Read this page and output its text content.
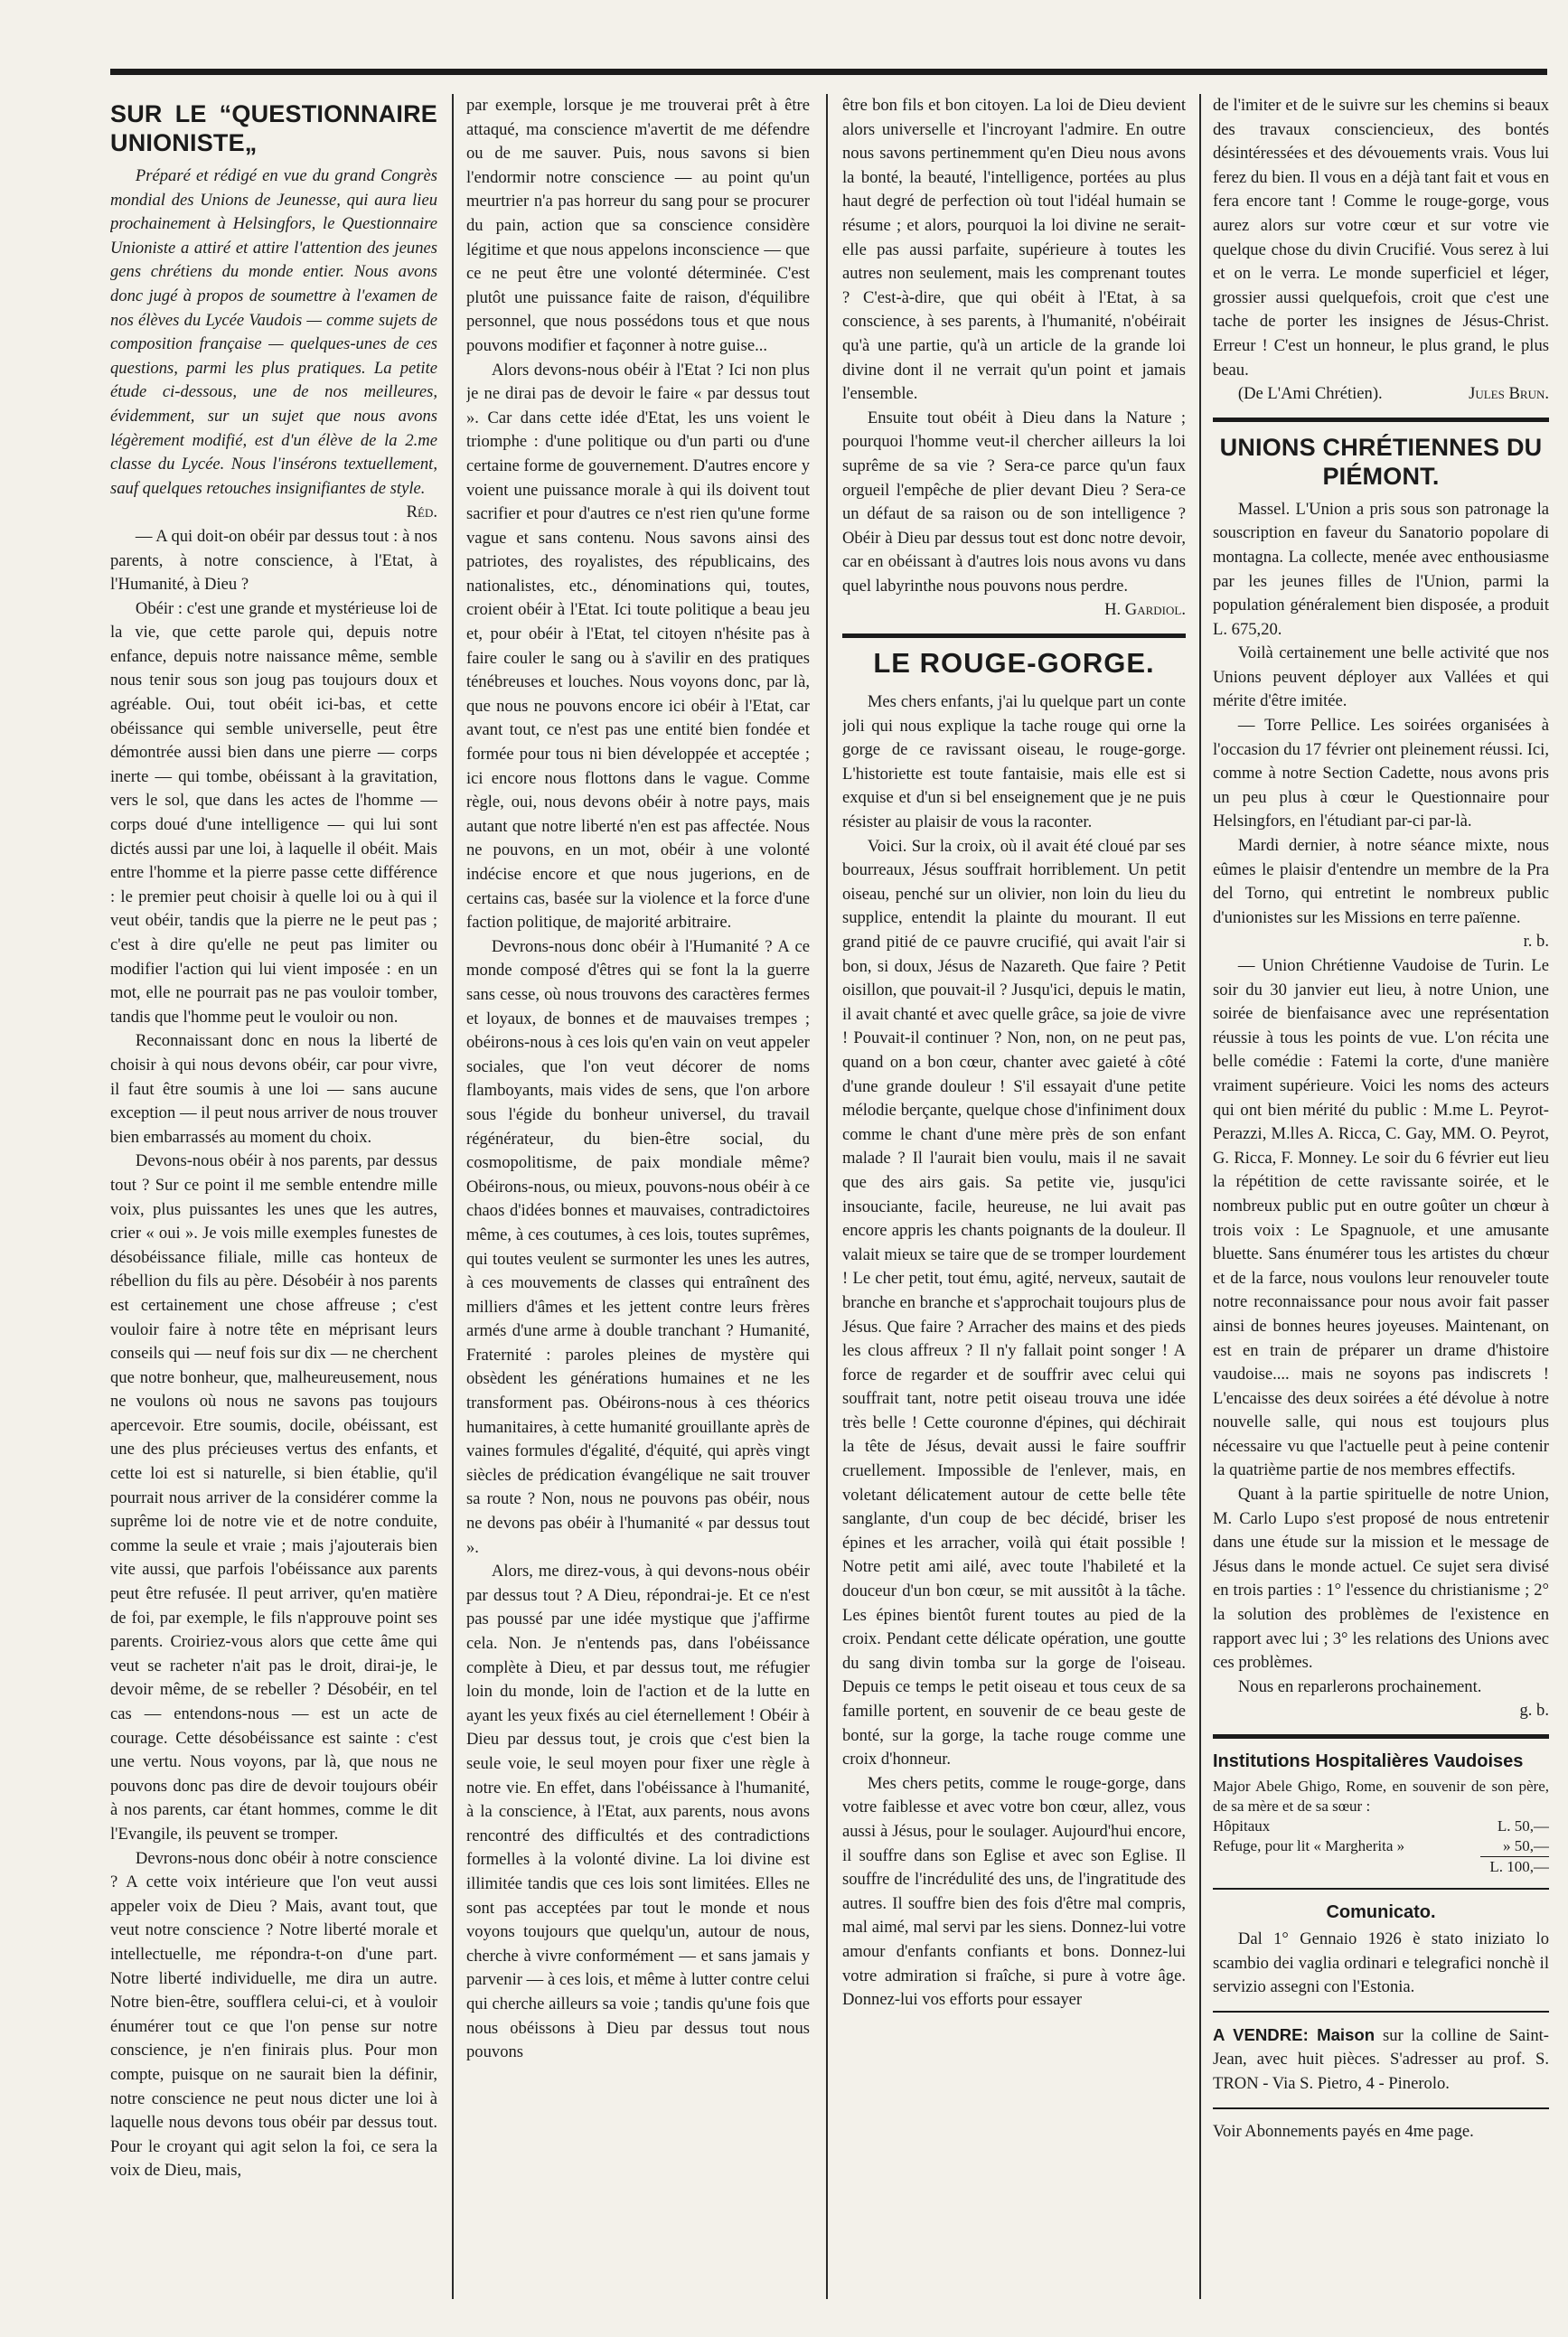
SUR LE “QUESTIONNAIRE UNIONISTE„

Préparé et rédigé en vue du grand Congrès mondial des Unions de Jeunesse, qui aura lieu prochainement à Helsingfors, le Questionnaire Unioniste a attiré et attire l'attention des jeunes gens chrétiens du monde entier. Nous avons donc jugé à propos de soumettre à l'examen de nos élèves du Lycée Vaudois — comme sujets de composition française — quelques-unes de ces questions, parmi les plus pratiques. La petite étude ci-dessous, une de nos meilleures, évidemment, sur un sujet que nous avons légèrement modifié, est d'un élève de la 2.me classe du Lycée. Nous l'insérons textuellement, sauf quelques retouches insignifiantes de style.

Réd.

— A qui doit-on obéir par dessus tout : à nos parents, à notre conscience, à l'Etat, à l'Humanité, à Dieu ?

Obéir : c'est une grande et mystérieuse loi de la vie, que cette parole qui, depuis notre enfance, depuis notre naissance même, semble nous tenir sous son joug pas toujours doux et agréable. Oui, tout obéit ici-bas, et cette obéissance qui semble universelle, peut être démontrée aussi bien dans une pierre — corps inerte — qui tombe, obéissant à la gravitation, vers le sol, que dans les actes de l'homme — corps doué d'une intelligence — qui lui sont dictés aussi par une loi, à laquelle il obéit. Mais entre l'homme et la pierre passe cette différence : le premier peut choisir à quelle loi ou à qui il veut obéir, tandis que la pierre ne le peut pas ; c'est à dire qu'elle ne peut pas limiter ou modifier l'action qui lui vient imposée : en un mot, elle ne pourrait pas ne pas vouloir tomber, tandis que l'homme peut le vouloir ou non.

Reconnaissant donc en nous la liberté de choisir à qui nous devons obéir, car pour vivre, il faut être soumis à une loi — sans aucune exception — il peut nous arriver de nous trouver bien embarrassés au moment du choix.

Devons-nous obéir à nos parents, par dessus tout ? Sur ce point il me semble entendre mille voix, plus puissantes les unes que les autres, crier « oui ». Je vois mille exemples funestes de désobéissance filiale, mille cas honteux de rébellion du fils au père. Désobéir à nos parents est certainement une chose affreuse ; c'est vouloir faire à notre tête en méprisant leurs conseils qui — neuf fois sur dix — ne cherchent que notre bonheur, que, malheureusement, nous ne voulons où nous ne savons pas toujours apercevoir. Etre soumis, docile, obéissant, est une des plus précieuses vertus des enfants, et cette loi est si naturelle, si bien établie, qu'il pourrait nous arriver de la considérer comme la suprême loi de notre vie et de notre conduite, comme la seule et vraie ; mais j'ajouterais bien vite aussi, que parfois l'obéissance aux parents peut être refusée. Il peut arriver, qu'en matière de foi, par exemple, le fils n'approuve point ses parents. Croiriez-vous alors que cette âme qui veut se racheter n'ait pas le droit, dirai-je, le devoir même, de se rebeller ? Désobéir, en tel cas — entendons-nous — est un acte de courage. Cette désobéissance est sainte : c'est une vertu. Nous voyons, par là, que nous ne pouvons donc pas dire de devoir toujours obéir à nos parents, car étant hommes, comme le dit l'Evangile, ils peuvent se tromper.

Devrons-nous donc obéir à notre conscience ? A cette voix intérieure que l'on veut aussi appeler voix de Dieu ? Mais, avant tout, que veut notre conscience ? Notre liberté morale et intellectuelle, me répondra-t-on d'une part. Notre liberté individuelle, me dira un autre. Notre bien-être, soufflera celui-ci, et à vouloir énumérer tout ce que l'on pense sur notre conscience, je n'en finirais plus. Pour mon compte, puisque on ne saurait bien la définir, notre conscience ne peut nous dicter une loi à laquelle nous devons tous obéir par dessus tout. Pour le croyant qui agit selon la foi, ce sera la voix de Dieu, mais,

par exemple, lorsque je me trouverai prêt à être attaqué, ma conscience m'avertit de me défendre ou de me sauver. Puis, nous savons si bien l'endormir notre conscience — au point qu'un meurtrier n'a pas horreur du sang pour se procurer du pain, action que sa conscience considère légitime et que nous appelons inconscience — que ce ne peut être une volonté déterminée. C'est plutôt une puissance faite de raison, d'équilibre personnel, que nous possédons tous et que nous pouvons modifier et façonner à notre guise...

Alors devons-nous obéir à l'Etat ? Ici non plus je ne dirai pas de devoir le faire « par dessus tout ». Car dans cette idée d'Etat, les uns voient le triomphe : d'une politique ou d'un parti ou d'une certaine forme de gouvernement. D'autres encore y voient une puissance morale à qui ils doivent tout sacrifier et pour d'autres ce n'est rien qu'une forme vague et sans contenu. Nous savons ainsi des patriotes, des royalistes, des républicains, des nationalistes, etc., dénominations qui, toutes, croient obéir à l'Etat. Ici toute politique a beau jeu et, pour obéir à l'Etat, tel citoyen n'hésite pas à faire couler le sang ou à s'avilir en des pratiques ténébreuses et louches. Nous voyons donc, par là, que nous ne pouvons encore ici obéir à l'Etat, car avant tout, ce n'est pas une entité bien fondée et formée pour tous ni bien développée et acceptée ; ici encore nous flottons dans le vague. Comme règle, oui, nous devons obéir à notre pays, mais autant que notre liberté n'en est pas affectée. Nous ne pouvons, en un mot, obéir à une volonté indécise encore et que nous jugerions, en de certains cas, basée sur la violence et la force d'une faction politique, de majorité arbitraire.

Devrons-nous donc obéir à l'Humanité ? A ce monde composé d'êtres qui se font la la guerre sans cesse, où nous trouvons des caractères fermes et loyaux, de bonnes et de mauvaises trempes ; obéirons-nous à ces lois qu'en vain on veut appeler sociales, que l'on veut décorer de noms flamboyants, mais vides de sens, que l'on arbore sous l'égide du bonheur universel, du travail régénérateur, du bien-être social, du cosmopolitisme, de paix mondiale même? Obéirons-nous, ou mieux, pouvons-nous obéir à ce chaos d'idées bonnes et mauvaises, contradictoires même, à ces coutumes, à ces lois, toutes suprêmes, qui toutes veulent se surmonter les unes les autres, à ces mouvements de classes qui entraînent des milliers d'âmes et les jettent contre leurs frères armés d'une arme à double tranchant ? Humanité, Fraternité : paroles pleines de mystère qui obsèdent les générations humaines et ne les transforment pas. Obéirons-nous à ces théorics humanitaires, à cette humanité grouillante après de vaines formules d'égalité, d'équité, qui après vingt siècles de prédication évangélique ne sait trouver sa route ? Non, nous ne pouvons pas obéir, nous ne devons pas obéir à l'humanité « par dessus tout ».

Alors, me direz-vous, à qui devons-nous obéir par dessus tout ? A Dieu, répondrai-je. Et ce n'est pas poussé par une idée mystique que j'affirme cela. Non. Je n'entends pas, dans l'obéissance complète à Dieu, et par dessus tout, me réfugier loin du monde, loin de l'action et de la lutte en ayant les yeux fixés au ciel éternellement ! Obéir à Dieu par dessus tout, je crois que c'est bien la seule voie, le seul moyen pour fixer une règle à notre vie. En effet, dans l'obéissance à l'humanité, à la conscience, à l'Etat, aux parents, nous avons rencontré des difficultés et des contradictions formelles à la volonté divine. La loi divine est illimitée tandis que ces lois sont limitées. Elles ne sont pas acceptées par tout le monde et nous voyons toujours que quelqu'un, autour de nous, cherche à vivre conformément — et sans jamais y parvenir — à ces lois, et même à lutter contre celui qui cherche ailleurs sa voie ; tandis qu'une fois que nous obéissons à Dieu par dessus tout nous pouvons

être bon fils et bon citoyen. La loi de Dieu devient alors universelle et l'incroyant l'admire. En outre nous savons pertinemment qu'en Dieu nous avons la bonté, la beauté, l'intelligence, portées au plus haut degré de perfection où tout l'idéal humain se résume ; et alors, pourquoi la loi divine ne serait-elle pas aussi parfaite, supérieure à toutes les autres non seulement, mais les comprenant toutes ? C'est-à-dire, que qui obéit à l'Etat, à sa conscience, à ses parents, à l'humanité, n'obéirait qu'à une partie, qu'à un article de la grande loi divine dont il ne verrait qu'un point et jamais l'ensemble.

Ensuite tout obéit à Dieu dans la Nature ; pourquoi l'homme veut-il chercher ailleurs la loi suprême de sa vie ? Sera-ce parce qu'un faux orgueil l'empêche de plier devant Dieu ? Sera-ce un défaut de sa raison ou de son intelligence ? Obéir à Dieu par dessus tout est donc notre devoir, car en obéissant à d'autres lois nous avons vu dans quel labyrinthe nous pouvons nous perdre.

H. Gardiol.

LE ROUGE-GORGE.

Mes chers enfants, j'ai lu quelque part un conte joli qui nous explique la tache rouge qui orne la gorge de ce ravissant oiseau, le rouge-gorge. L'historiette est toute fantaisie, mais elle est si exquise et d'un si bel enseignement que je ne puis résister au plaisir de vous la raconter.

Voici. Sur la croix, où il avait été cloué par ses bourreaux, Jésus souffrait horriblement. Un petit oiseau, penché sur un olivier, non loin du lieu du supplice, entendit la plainte du mourant. Il eut grand pitié de ce pauvre crucifié, qui avait l'air si bon, si doux, Jésus de Nazareth. Que faire ? Petit oisillon, que pouvait-il ? Jusqu'ici, depuis le matin, il avait chanté et avec quelle grâce, sa joie de vivre ! Pouvait-il continuer ? Non, non, on ne peut pas, quand on a bon cœur, chanter avec gaieté à côté d'une grande douleur ! S'il essayait d'une petite mélodie berçante, quelque chose d'infiniment doux comme le chant d'une mère près de son enfant malade ? Il l'aurait bien voulu, mais il ne savait que des airs gais. Sa petite vie, jusqu'ici insouciante, facile, heureuse, ne lui avait pas encore appris les chants poignants de la douleur. Il valait mieux se taire que de se tromper lourdement ! Le cher petit, tout ému, agité, nerveux, sautait de branche en branche et s'approchait toujours plus de Jésus. Que faire ? Arracher des mains et des pieds les clous affreux ? Il n'y fallait point songer ! A force de regarder et de souffrir avec celui qui souffrait tant, notre petit oiseau trouva une idée très belle ! Cette couronne d'épines, qui déchirait la tête de Jésus, devait aussi le faire souffrir cruellement. Impossible de l'enlever, mais, en voletant délicatement autour de cette belle tête sanglante, d'un coup de bec décidé, briser les épines et les arracher, voilà qui était possible ! Notre petit ami ailé, avec toute l'habileté et la douceur d'un bon cœur, se mit aussitôt à la tâche. Les épines bientôt furent toutes au pied de la croix. Pendant cette délicate opération, une goutte du sang divin tomba sur la gorge de l'oiseau. Depuis ce temps le petit oiseau et tous ceux de sa famille portent, en souvenir de ce beau geste de bonté, sur la gorge, la tache rouge comme une croix d'honneur.

Mes chers petits, comme le rouge-gorge, dans votre faiblesse et avec votre bon cœur, allez, vous aussi à Jésus, pour le soulager. Aujourd'hui encore, il souffre dans son Eglise et avec son Eglise. Il souffre de l'incrédulité des uns, de l'ingratitude des autres. Il souffre bien des fois d'être mal compris, mal aimé, mal servi par les siens. Donnez-lui votre amour d'enfants confiants et bons. Donnez-lui votre admiration si fraîche, si pure à votre âge. Donnez-lui vos efforts pour essayer

de l'imiter et de le suivre sur les chemins si beaux des travaux consciencieux, des bontés désintéressées et des dévouements vrais. Vous lui ferez du bien. Il vous en a déjà tant fait et vous en fera encore tant ! Comme le rouge-gorge, vous aurez alors sur votre cœur et sur votre vie quelque chose du divin Crucifié. Vous serez à lui et on le verra. Le monde superficiel et léger, grossier aussi quelquefois, croit que c'est une tache de porter les insignes de Jésus-Christ. Erreur ! C'est un honneur, le plus grand, le plus beau.

(De L'Ami Chrétien).	Jules Brun.
UNIONS CHRÉTIENNES DU PIÉMONT.

Massel. L'Union a pris sous son patronage la souscription en faveur du Sanatorio popolare di montagna. La collecte, menée avec enthousiasme par les jeunes filles de l'Union, parmi la population généralement bien disposée, a produit L. 675,20.

Voilà certainement une belle activité que nos Unions peuvent déployer aux Vallées et qui mérite d'être imitée.

— Torre Pellice. Les soirées organisées à l'occasion du 17 février ont pleinement réussi. Ici, comme à notre Section Cadette, nous avons pris un peu plus à cœur le Questionnaire pour Helsingfors, en l'étudiant par-ci par-là.

Mardi dernier, à notre séance mixte, nous eûmes le plaisir d'entendre un membre de la Pra del Torno, qui entretint le nombreux public d'unionistes sur les Missions en terre païenne.

r. b.

— Union Chrétienne Vaudoise de Turin. Le soir du 30 janvier eut lieu, à notre Union, une soirée de bienfaisance avec une représentation réussie à tous les points de vue. L'on récita une belle comédie : Fatemi la corte, d'une manière vraiment supérieure. Voici les noms des acteurs qui ont bien mérité du public : M.me L. Peyrot-Perazzi, M.lles A. Ricca, C. Gay, MM. O. Peyrot, G. Ricca, F. Monney. Le soir du 6 février eut lieu la répétition de cette ravissante soirée, et le nombreux public put en outre goûter un chœur à trois voix : Le Spagnuole, et une amusante bluette. Sans énumérer tous les artistes du chœur et de la farce, nous voulons leur renouveler toute notre reconnaissance pour nous avoir fait passer ainsi de bonnes heures joyeuses. Maintenant, on est en train de préparer un drame d'histoire vaudoise.... mais ne soyons pas indiscrets ! L'encaisse des deux soirées a été dévolue à notre nouvelle salle, qui nous est toujours plus nécessaire vu que l'actuelle peut à peine contenir la quatrième partie de nos membres effectifs.

Quant à la partie spirituelle de notre Union, M. Carlo Lupo s'est proposé de nous entretenir dans une étude sur la mission et le message de Jésus dans le monde actuel. Ce sujet sera divisé en trois parties : 1° l'essence du christianisme ; 2° la solution des problèmes de l'existence en rapport avec lui ; 3° les relations des Unions avec ces problèmes.

Nous en reparlerons prochainement.

g. b.

Institutions Hospitalières Vaudoises

Major Abele Ghigo, Rome, en souvenir de son père, de sa mère et de sa sœur :

Hôpitaux	L. 50,—
Refuge, pour lit « Margherita »	» 50,—
L. 100,—
Comunicato.

Dal 1° Gennaio 1926 è stato iniziato lo scambio dei vaglia ordinari e telegrafici nonchè il servizio assegni con l'Estonia.

A VENDRE: Maison sur la colline de Saint-Jean, avec huit pièces. S'adresser au prof. S. TRON - Via S. Pietro, 4 - Pinerolo.

Voir Abonnements payés en 4me page.
